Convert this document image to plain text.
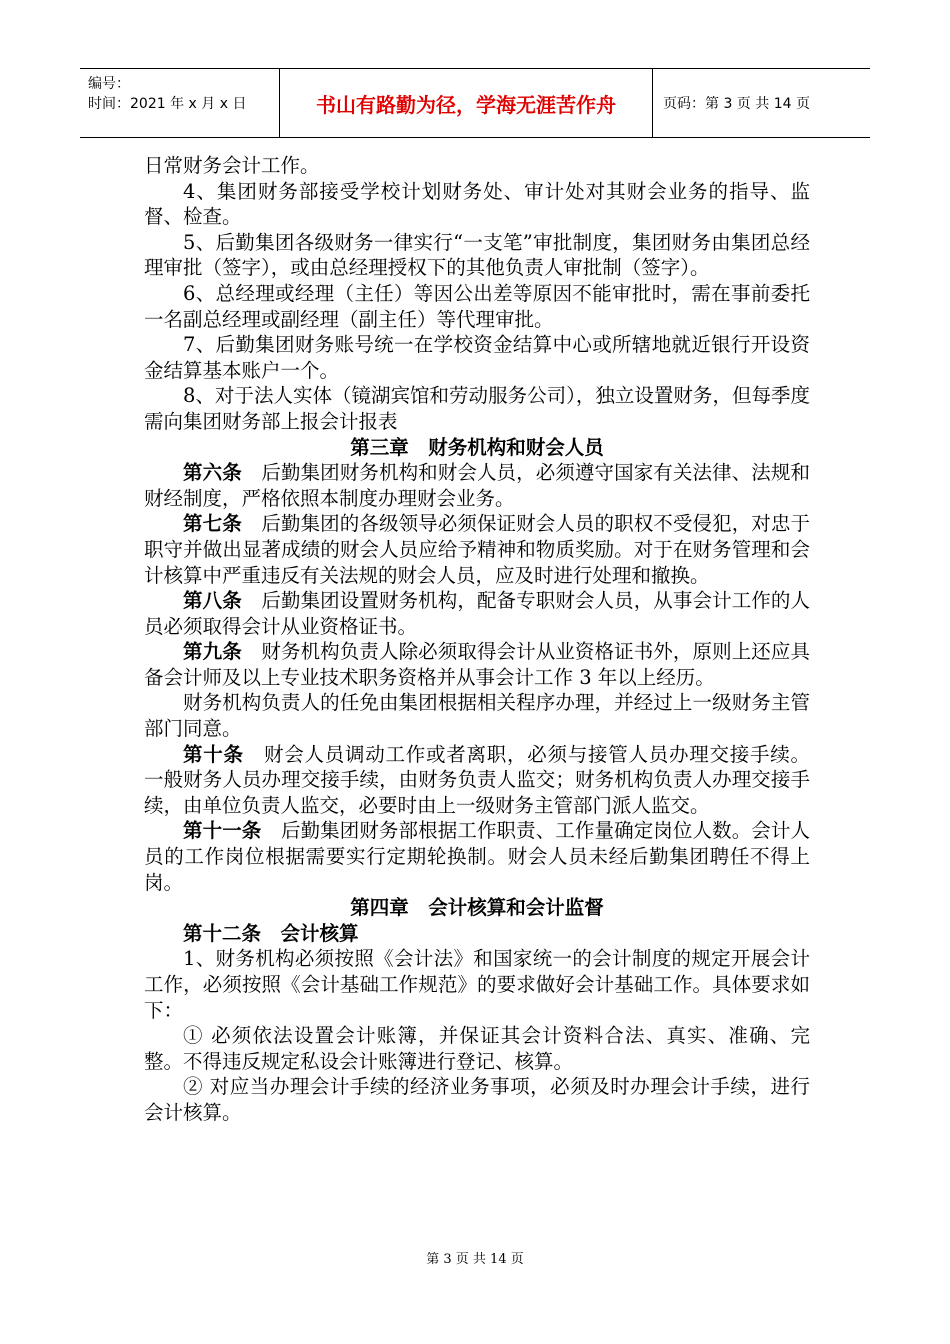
编号：
时间：2021 年 x 月 x 日	书山有路勤为径，学海无涯苦作舟	页码：第 3 页 共 14 页

日常财务会计工作。

4、集团财务部接受学校计划财务处、审计处对其财会业务的指导、监督、检查。

5、后勤集团各级财务一律实行“一支笔”审批制度，集团财务由集团总经理审批（签字），或由总经理授权下的其他负责人审批制（签字）。

6、总经理或经理（主任）等因公出差等原因不能审批时，需在事前委托一名副总经理或副经理（副主任）等代理审批。

7、后勤集团财务账号统一在学校资金结算中心或所辖地就近银行开设资金结算基本账户一个。

8、对于法人实体（镜湖宾馆和劳动服务公司），独立设置财务，但每季度需向集团财务部上报会计报表

第三章　财务机构和财会人员

第六条　后勤集团财务机构和财会人员，必须遵守国家有关法律、法规和财经制度，严格依照本制度办理财会业务。

第七条　后勤集团的各级领导必须保证财会人员的职权不受侵犯，对忠于职守并做出显著成绩的财会人员应给予精神和物质奖励。对于在财务管理和会计核算中严重违反有关法规的财会人员，应及时进行处理和撤换。

第八条　后勤集团设置财务机构，配备专职财会人员，从事会计工作的人员必须取得会计从业资格证书。

第九条　财务机构负责人除必须取得会计从业资格证书外，原则上还应具备会计师及以上专业技术职务资格并从事会计工作 3 年以上经历。

财务机构负责人的任免由集团根据相关程序办理，并经过上一级财务主管部门同意。

第十条　财会人员调动工作或者离职，必须与接管人员办理交接手续。 一般财务人员办理交接手续，由财务负责人监交；财务机构负责人办理交接手续，由单位负责人监交，必要时由上一级财务主管部门派人监交。

第十一条　后勤集团财务部根据工作职责、工作量确定岗位人数。会计人员的工作岗位根据需要实行定期轮换制。财会人员未经后勤集团聘任不得上岗。

第四章　会计核算和会计监督

第十二条　会计核算

1、财务机构必须按照《会计法》和国家统一的会计制度的规定开展会计工作，必须按照《会计基础工作规范》的要求做好会计基础工作。具体要求如下：

① 必须依法设置会计账簿，并保证其会计资料合法、真实、准确、完整。不得违反规定私设会计账簿进行登记、核算。

② 对应当办理会计手续的经济业务事项，必须及时办理会计手续，进行会计核算。

第 3 页 共 14 页
